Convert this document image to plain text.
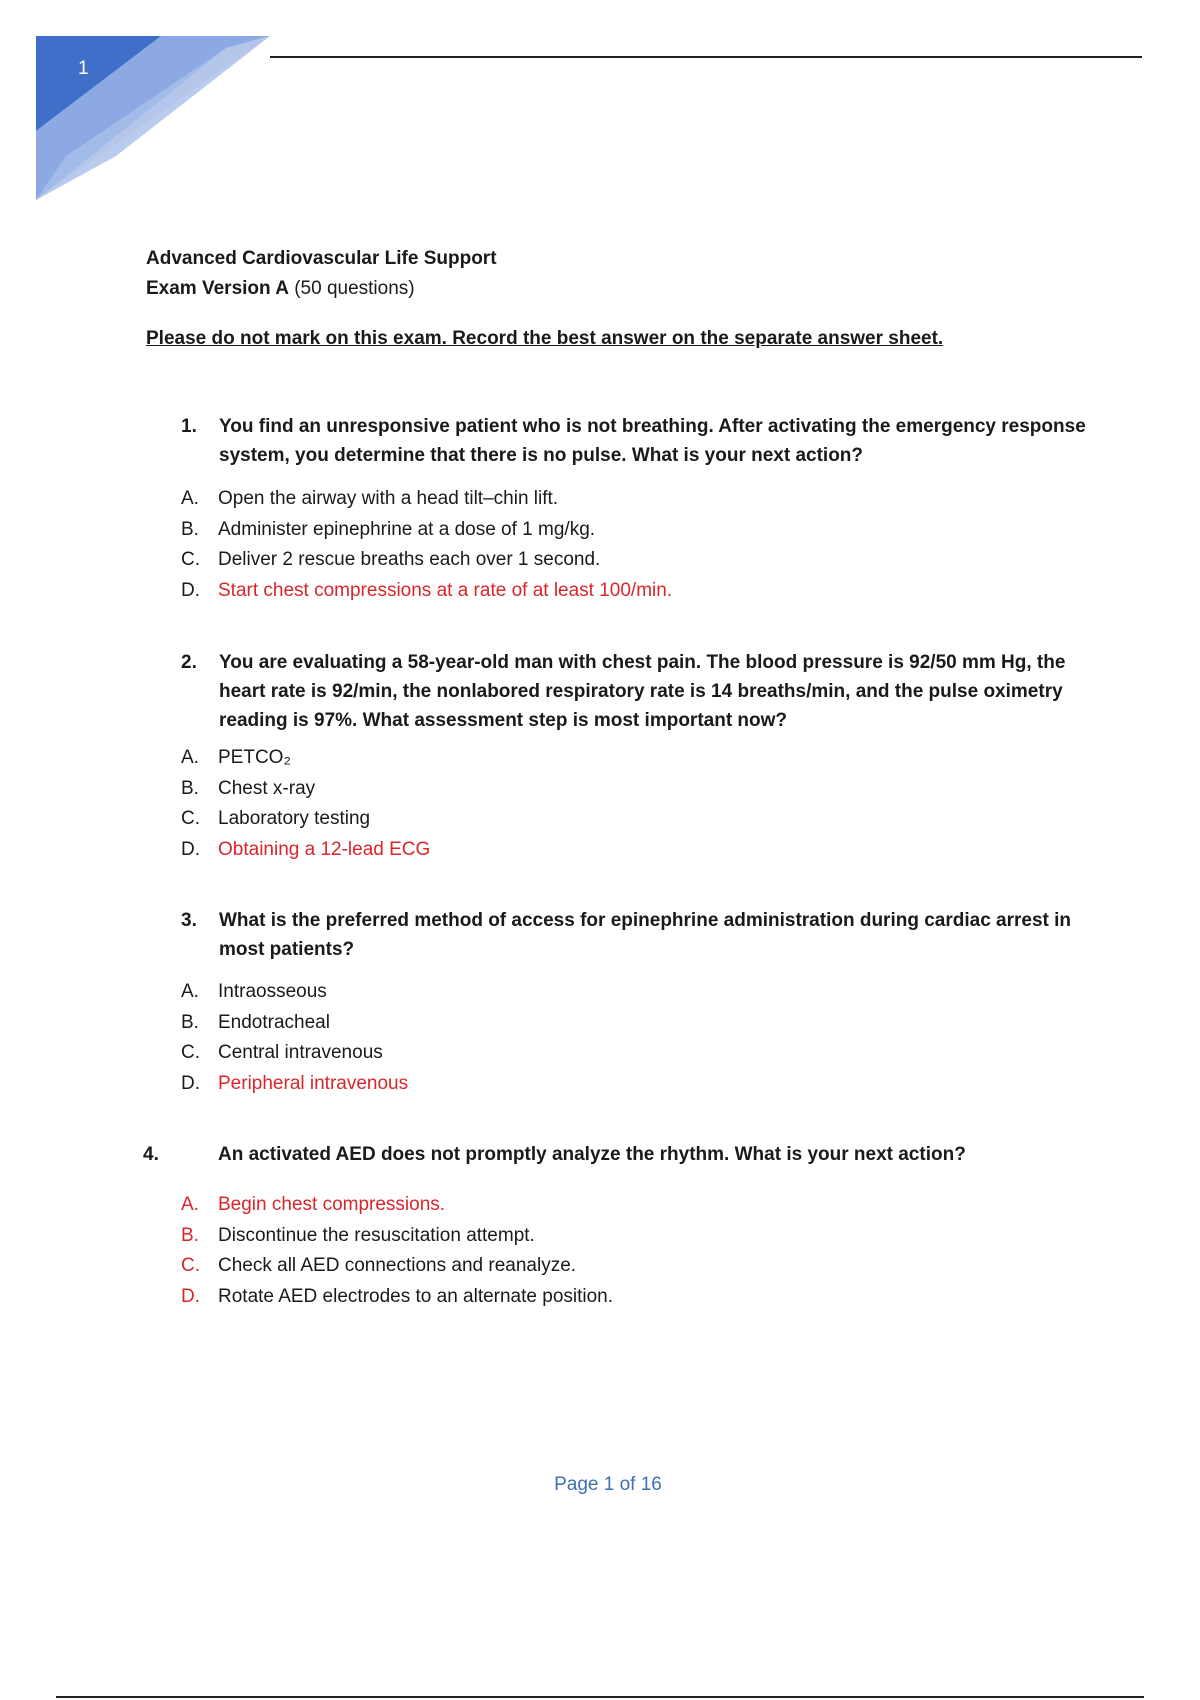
1
Advanced Cardiovascular Life Support
Exam Version A (50 questions)
Please do not mark on this exam. Record the best answer on the separate answer sheet.
1. You find an unresponsive patient who is not breathing. After activating the emergency response system, you determine that there is no pulse. What is your next action?
A. Open the airway with a head tilt–chin lift.
B. Administer epinephrine at a dose of 1 mg/kg.
C. Deliver 2 rescue breaths each over 1 second.
D. Start chest compressions at a rate of at least 100/min.
2. You are evaluating a 58-year-old man with chest pain. The blood pressure is 92/50 mm Hg, the heart rate is 92/min, the nonlabored respiratory rate is 14 breaths/min, and the pulse oximetry reading is 97%. What assessment step is most important now?
A. PETCO₂
B. Chest x-ray
C. Laboratory testing
D. Obtaining a 12-lead ECG
3. What is the preferred method of access for epinephrine administration during cardiac arrest in most patients?
A. Intraosseous
B. Endotracheal
C. Central intravenous
D. Peripheral intravenous
4.	An activated AED does not promptly analyze the rhythm. What is your next action?
A. Begin chest compressions.
B. Discontinue the resuscitation attempt.
C. Check all AED connections and reanalyze.
D. Rotate AED electrodes to an alternate position.
Page 1 of 16
